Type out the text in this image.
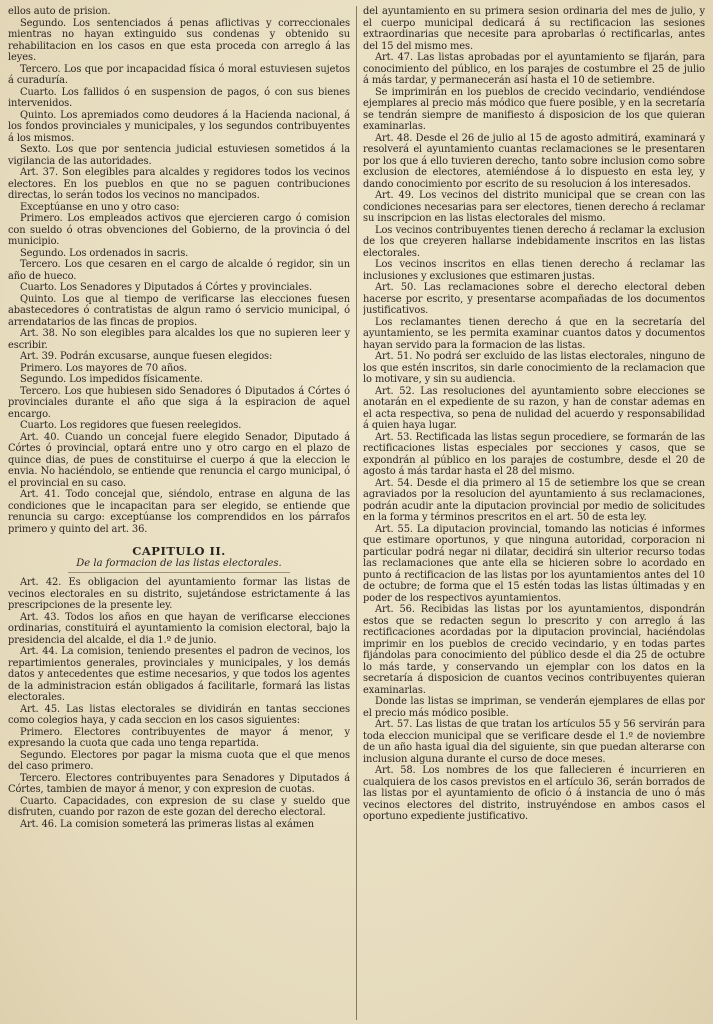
ellos auto de prision.

Segundo. Los sentenciados á penas aflictivas y correccionales mientras no hayan extinguido sus condenas y obtenido su rehabilitacion en los casos en que esta proceda con arreglo á las leyes.

Tercero. Los que por incapacidad física ó moral estuviesen sujetos á curaduría.

Cuarto. Los fallidos ó en suspension de pagos, ó con sus bienes intervenidos.

Quinto. Los apremiados como deudores á la Hacienda nacional, á los fondos provinciales y municipales, y los segundos contribuyentes á los mismos.

Sexto. Los que por sentencia judicial estuviesen sometidos á la vigilancia de las autoridades.

Art. 37. Son elegibles para alcaldes y regidores todos los vecinos electores. En los pueblos en que no se paguen contribuciones directas, lo serán todos los vecinos no mancipados.

Exceptúanse en uno y otro caso:

Primero. Los empleados activos que ejercieren cargo ó comision con sueldo ó otras obvenciones del Gobierno, de la provincia ó del municipio.

Segundo. Los ordenados in sacris.

Tercero. Los que cesaren en el cargo de alcalde ó regidor, sin un año de hueco.

Cuarto. Los Senadores y Diputados á Córtes y provinciales.

Quinto. Los que al tiempo de verificarse las elecciones fuesen abastecedores ó contratistas de algun ramo ó servicio municipal, ó arrendatarios de las fincas de propios.

Art. 38. No son elegibles para alcaldes los que no supieren leer y escribir.

Art. 39. Podrán excusarse, aunque fuesen elegidos:

Primero. Los mayores de 70 años.

Segundo. Los impedidos físicamente.

Tercero. Los que hubiesen sido Senadores ó Diputados á Córtes ó provinciales durante el año que siga á la espiracion de aquel encargo.

Cuarto. Los regidores que fuesen reelegidos.

Art. 40. Cuando un concejal fuere elegido Senador, Diputado á Córtes ó provincial, optará entre uno y otro cargo en el plazo de quince dias, de pues de constituirse el cuerpo á que la eleccion le envia. No haciéndolo, se entiende que renuncia el cargo municipal, ó el provincial en su caso.

Art. 41. Todo concejal que, siéndolo, entrase en alguna de las condiciones que le incapacitan para ser elegido, se entiende que renuncia su cargo: exceptúanse los comprendidos en los párrafos primero y quinto del art. 36.

CAPITULO II.
De la formacion de las listas electorales.

Art. 42. Es obligacion del ayuntamiento formar las listas de vecinos electorales en su distrito, sujetándose estrictamente á las prescripciones de la presente ley.

Art. 43. Todos los años en que hayan de verificarse elecciones ordinarias, constituirá el ayuntamiento la comision electoral, bajo la presidencia del alcalde, el dia 1.º de junio.

Art. 44. La comision, teniendo presentes el padron de vecinos, los repartimientos generales, provinciales y municipales, y los demás datos y antecedentes que estime necesarios, y que todos los agentes de la administracion están obligados á facilitarle, formará las listas electorales.

Art. 45. Las listas electorales se dividirán en tantas secciones como colegios haya, y cada seccion en los casos siguientes:

Primero. Electores contribuyentes de mayor á menor, y expresando la cuota que cada uno tenga repartida.

Segundo. Electores por pagar la misma cuota que el que menos del caso primero.

Tercero. Electores contribuyentes para Senadores y Diputados á Córtes, tambien de mayor á menor, y con expresion de cuotas.

Cuarto. Capacidades, con expresion de su clase y sueldo que disfruten, cuando por razon de este gozan del derecho electoral.

Art. 46. La comision someterá las primeras listas al exámen

del ayuntamiento en su primera sesion ordinaria del mes de julio, y el cuerpo municipal dedicará á su rectificacion las sesiones extraordinarias que necesite para aprobarlas ó rectificarlas, antes del 15 del mismo mes.

Art. 47. Las listas aprobadas por el ayuntamiento se fijarán, para conocimiento del público, en los parajes de costumbre el 25 de julio á más tardar, y permanecerán así hasta el 10 de setiembre.

Se imprimirán en los pueblos de crecido vecindario, vendiéndose ejemplares al precio más módico que fuere posible, y en la secretaría se tendrán siempre de manifiesto á disposicion de los que quieran examinarlas.

Art. 48. Desde el 26 de julio al 15 de agosto admitirá, examinará y resolverá el ayuntamiento cuantas reclamaciones se le presentaren por los que á ello tuvieren derecho, tanto sobre inclusion como sobre exclusion de electores, atemiéndose á lo dispuesto en esta ley, y dando conocimiento por escrito de su resolucion á los interesados.

Art. 49. Los vecinos del distrito municipal que se crean con las condiciones necesarias para ser electores, tienen derecho á reclamar su inscripcion en las listas electorales del mismo.

Los vecinos contribuyentes tienen derecho á reclamar la exclusion de los que creyeren hallarse indebidamente inscritos en las listas electorales.

Los vecinos inscritos en ellas tienen derecho á reclamar las inclusiones y exclusiones que estimaren justas.

Art. 50. Las reclamaciones sobre el derecho electoral deben hacerse por escrito, y presentarse acompañadas de los documentos justificativos.

Los reclamantes tienen derecho á que en la secretaría del ayuntamiento, se les permita examinar cuantos datos y documentos hayan servido para la formacion de las listas.

Art. 51. No podrá ser excluido de las listas electorales, ninguno de los que estén inscritos, sin darle conocimiento de la reclamacion que lo motivare, y sin su audiencia.

Art. 52. Las resoluciones del ayuntamiento sobre elecciones se anotarán en el expediente de su razon, y han de constar ademas en el acta respectiva, so pena de nulidad del acuerdo y responsabilidad á quien haya lugar.

Art. 53. Rectificada las listas segun procediere, se formarán de las rectificaciones listas especiales por secciones y casos, que se expondrán al público en los parajes de costumbre, desde el 20 de agosto á más tardar hasta el 28 del mismo.

Art. 54. Desde el dia primero al 15 de setiembre los que se crean agraviados por la resolucion del ayuntamiento á sus reclamaciones, podrán acudir ante la diputacion provincial por medio de solicitudes en la forma y términos prescritos en el art. 50 de esta ley.

Art. 55. La diputacion provincial, tomando las noticias é informes que estimare oportunos, y que ninguna autoridad, corporacion ni particular podrá negar ni dilatar, decidirá sin ulterior recurso todas las reclamaciones que ante ella se hicieren sobre lo acordado en punto á rectificacion de las listas por los ayuntamientos antes del 10 de octubre; de forma que el 15 estén todas las listas últimadas y en poder de los respectivos ayuntamientos.

Art. 56. Recibidas las listas por los ayuntamientos, dispondrán estos que se redacten segun lo prescrito y con arreglo á las rectificaciones acordadas por la diputacion provincial, haciéndolas imprimir en los pueblos de crecido vecindario, y en todas partes fijándolas para conocimiento del público desde el dia 25 de octubre lo más tarde, y conservando un ejemplar con los datos en la secretaría á disposicion de cuantos vecinos contribuyentes quieran examinarlas.

Donde las listas se impriman, se venderán ejemplares de ellas por el precio más módico posible.

Art. 57. Las listas de que tratan los artículos 55 y 56 servirán para toda eleccion municipal que se verificare desde el 1.º de noviembre de un año hasta igual dia del siguiente, sin que puedan alterarse con inclusion alguna durante el curso de doce meses.

Art. 58. Los nombres de los que fallecieren é incurrieren en cualquiera de los casos previstos en el artículo 36, serán borrados de las listas por el ayuntamiento de oficio ó á instancia de uno ó más vecinos electores del distrito, instruyéndose en ambos casos el oportuno expediente justificativo.
